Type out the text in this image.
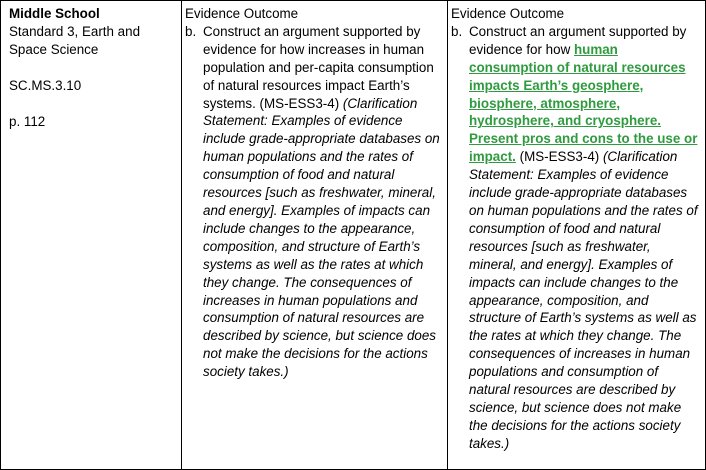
Middle School
Standard 3, Earth and Space Science
SC.MS.3.10
p. 112

Evidence Outcome
b. Construct an argument supported by evidence for how increases in human population and per-capita consumption of natural resources impact Earth’s systems. (MS-ESS3-4) (Clarification Statement: Examples of evidence include grade-appropriate databases on human populations and the rates of consumption of food and natural resources [such as freshwater, mineral, and energy]. Examples of impacts can include changes to the appearance, composition, and structure of Earth’s systems as well as the rates at which they change. The consequences of increases in human populations and consumption of natural resources are described by science, but science does not make the decisions for the actions society takes.)

Evidence Outcome
b. Construct an argument supported by evidence for how human consumption of natural resources impacts Earth’s geosphere, biosphere, atmosphere, hydrosphere, and cryosphere. Present pros and cons to the use or impact. (MS-ESS3-4) (Clarification Statement: Examples of evidence include grade-appropriate databases on human populations and the rates of consumption of food and natural resources [such as freshwater, mineral, and energy]. Examples of impacts can include changes to the appearance, composition, and structure of Earth’s systems as well as the rates at which they change. The consequences of increases in human populations and consumption of natural resources are described by science, but science does not make the decisions for the actions society takes.)
